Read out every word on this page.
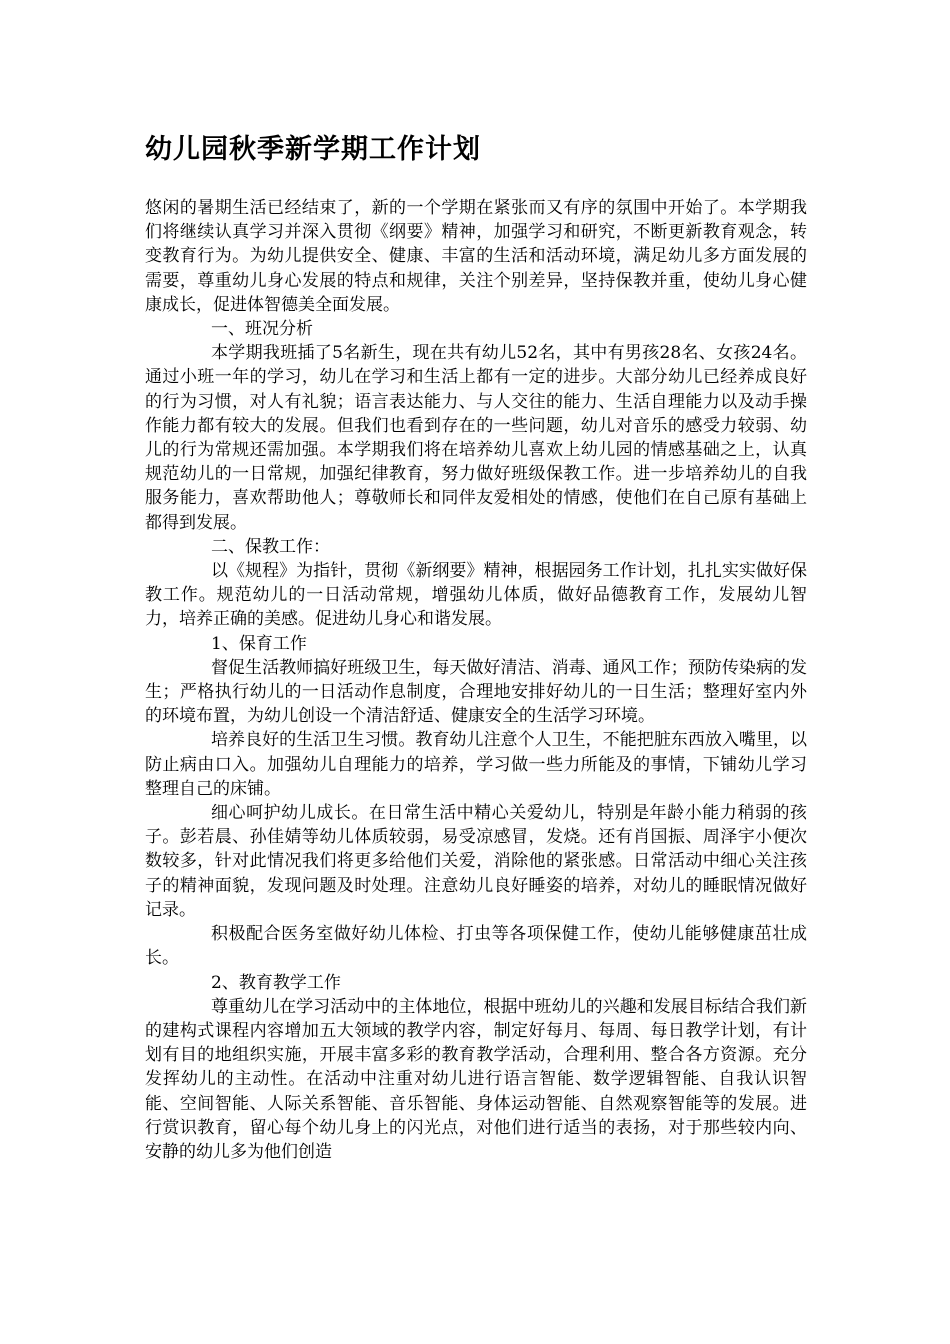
幼儿园秋季新学期工作计划

悠闲的暑期生活已经结束了，新的一个学期在紧张而又有序的氛围中开始了。本学期我们将继续认真学习并深入贯彻《纲要》精神，加强学习和研究，不断更新教育观念，转变教育行为。为幼儿提供安全、健康、丰富的生活和活动环境，满足幼儿多方面发展的需要，尊重幼儿身心发展的特点和规律，关注个别差异，坚持保教并重，使幼儿身心健康成长，促进体智德美全面发展。

一、班况分析

本学期我班插了5名新生，现在共有幼儿52名，其中有男孩28名、女孩24名。通过小班一年的学习，幼儿在学习和生活上都有一定的进步。大部分幼儿已经养成良好的行为习惯，对人有礼貌；语言表达能力、与人交往的能力、生活自理能力以及动手操作能力都有较大的发展。但我们也看到存在的一些问题，幼儿对音乐的感受力较弱、幼儿的行为常规还需加强。本学期我们将在培养幼儿喜欢上幼儿园的情感基础之上，认真规范幼儿的一日常规，加强纪律教育，努力做好班级保教工作。进一步培养幼儿的自我服务能力，喜欢帮助他人；尊敬师长和同伴友爱相处的情感，使他们在自己原有基础上都得到发展。

二、保教工作：

以《规程》为指针，贯彻《新纲要》精神，根据园务工作计划，扎扎实实做好保教工作。规范幼儿的一日活动常规，增强幼儿体质，做好品德教育工作，发展幼儿智力，培养正确的美感。促进幼儿身心和谐发展。

1、保育工作

督促生活教师搞好班级卫生，每天做好清洁、消毒、通风工作；预防传染病的发生；严格执行幼儿的一日活动作息制度，合理地安排好幼儿的一日生活；整理好室内外的环境布置，为幼儿创设一个清洁舒适、健康安全的生活学习环境。

培养良好的生活卫生习惯。教育幼儿注意个人卫生，不能把脏东西放入嘴里，以防止病由口入。加强幼儿自理能力的培养，学习做一些力所能及的事情，下铺幼儿学习整理自己的床铺。

细心呵护幼儿成长。在日常生活中精心关爱幼儿，特别是年龄小能力稍弱的孩子。彭若晨、孙佳婧等幼儿体质较弱，易受凉感冒，发烧。还有肖国振、周泽宇小便次数较多，针对此情况我们将更多给他们关爱，消除他的紧张感。日常活动中细心关注孩子的精神面貌，发现问题及时处理。注意幼儿良好睡姿的培养，对幼儿的睡眠情况做好记录。

积极配合医务室做好幼儿体检、打虫等各项保健工作，使幼儿能够健康茁壮成长。

2、教育教学工作

尊重幼儿在学习活动中的主体地位，根据中班幼儿的兴趣和发展目标结合我们新的建构式课程内容增加五大领域的教学内容，制定好每月、每周、每日教学计划，有计划有目的地组织实施，开展丰富多彩的教育教学活动，合理利用、整合各方资源。充分发挥幼儿的主动性。在活动中注重对幼儿进行语言智能、数学逻辑智能、自我认识智能、空间智能、人际关系智能、音乐智能、身体运动智能、自然观察智能等的发展。进行赏识教育，留心每个幼儿身上的闪光点，对他们进行适当的表扬，对于那些较内向、安静的幼儿多为他们创造
